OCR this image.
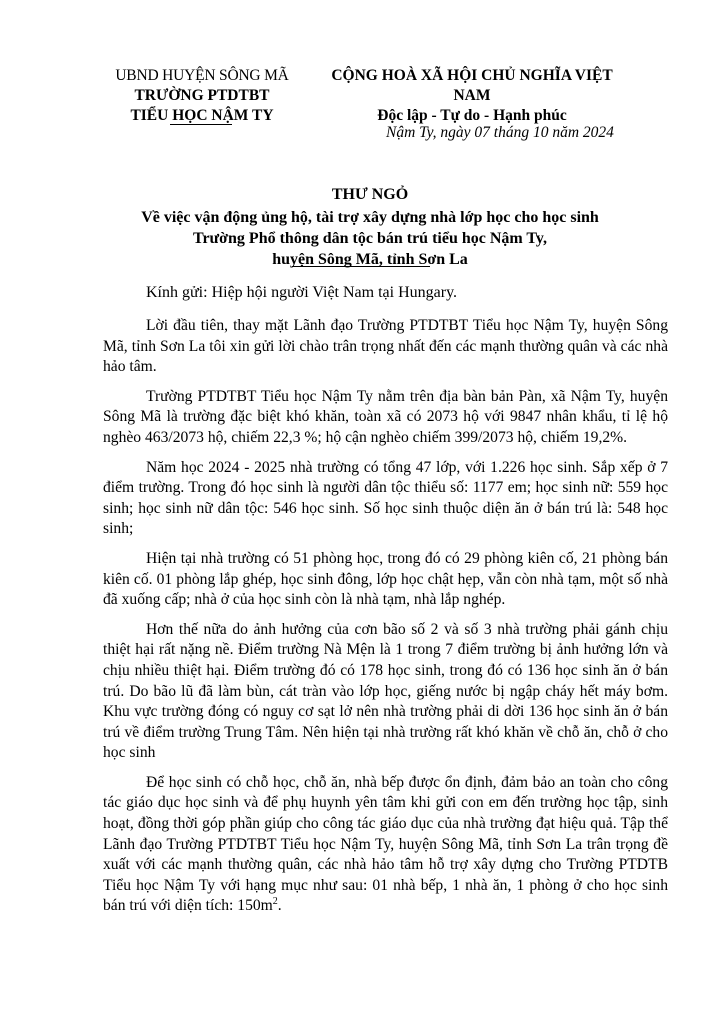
UBND HUYỆN SÔNG MÃ
TRƯỜNG PTDTBT
TIỂU HỌC NẬM TY
CỘNG HOÀ XÃ HỘI CHỦ NGHĨA VIỆT NAM
Độc lập - Tự do - Hạnh phúc
Nậm Ty, ngày 07 tháng 10 năm 2024
THƯ NGỎ
Về việc vận động ủng hộ, tài trợ xây dựng nhà lớp học cho học sinh
Trường Phổ thông dân tộc bán trú tiểu học Nậm Ty,
huyện Sông Mã, tỉnh Sơn La
Kính gửi: Hiệp hội người Việt Nam tại Hungary.

Lời đầu tiên, thay mặt Lãnh đạo Trường PTDTBT Tiểu học Nậm Ty, huyện Sông Mã, tỉnh Sơn La tôi xin gửi lời chào trân trọng nhất đến các mạnh thường quân và các nhà hảo tâm.

Trường PTDTBT Tiểu học Nậm Ty nằm trên địa bàn bản Pàn, xã Nậm Ty, huyện Sông Mã là trường đặc biệt khó khăn, toàn xã có 2073 hộ với 9847 nhân khẩu, tỉ lệ hộ nghèo 463/2073 hộ, chiếm 22,3 %; hộ cận nghèo chiếm 399/2073 hộ, chiếm 19,2%.

Năm học 2024 - 2025 nhà trường có tổng 47 lớp, với 1.226 học sinh. Sắp xếp ở 7 điểm trường. Trong đó học sinh là người dân tộc thiểu số: 1177 em; học sinh nữ: 559 học sinh; học sinh nữ dân tộc: 546 học sinh. Số học sinh thuộc diện ăn ở bán trú là: 548 học sinh;

Hiện tại nhà trường có 51 phòng học, trong đó có 29 phòng kiên cố, 21 phòng bán kiên cố. 01 phòng lắp ghép, học sinh đông, lớp học chật hẹp, vẫn còn nhà tạm, một số nhà đã xuống cấp; nhà ở của học sinh còn là nhà tạm, nhà lắp nghép.

Hơn thế nữa do ảnh hưởng của cơn bão số 2 và số 3 nhà trường phải gánh chịu thiệt hại rất nặng nề. Điểm trường Nà Mện là 1 trong 7 điểm trường bị ảnh hưởng lớn và chịu nhiều thiệt hại. Điểm trường đó có 178 học sinh, trong đó có 136 học sinh ăn ở bán trú. Do bão lũ đã làm bùn, cát tràn vào lớp học, giếng nước bị ngập cháy hết máy bơm. Khu vực trường đóng có nguy cơ sạt lở nên nhà trường phải di dời 136 học sinh ăn ở bán trú về điểm trường Trung Tâm. Nên hiện tại nhà trường rất khó khăn về chỗ ăn, chỗ ở cho học sinh

Để học sinh có chỗ học, chỗ ăn, nhà bếp được ổn định, đảm bảo an toàn cho công tác giáo dục học sinh và để phụ huynh yên tâm khi gửi con em đến trường học tập, sinh hoạt, đồng thời góp phần giúp cho công tác giáo dục của nhà trường đạt hiệu quả. Tập thể Lãnh đạo Trường PTDTBT Tiểu học Nậm Ty, huyện Sông Mã, tỉnh Sơn La trân trọng đề xuất với các mạnh thường quân, các nhà hảo tâm hỗ trợ xây dựng cho Trường PTDTB Tiểu học Nậm Ty với hạng mục như sau: 01 nhà bếp, 1 nhà ăn, 1 phòng ở cho học sinh bán trú với diện tích: $150m^2$.
